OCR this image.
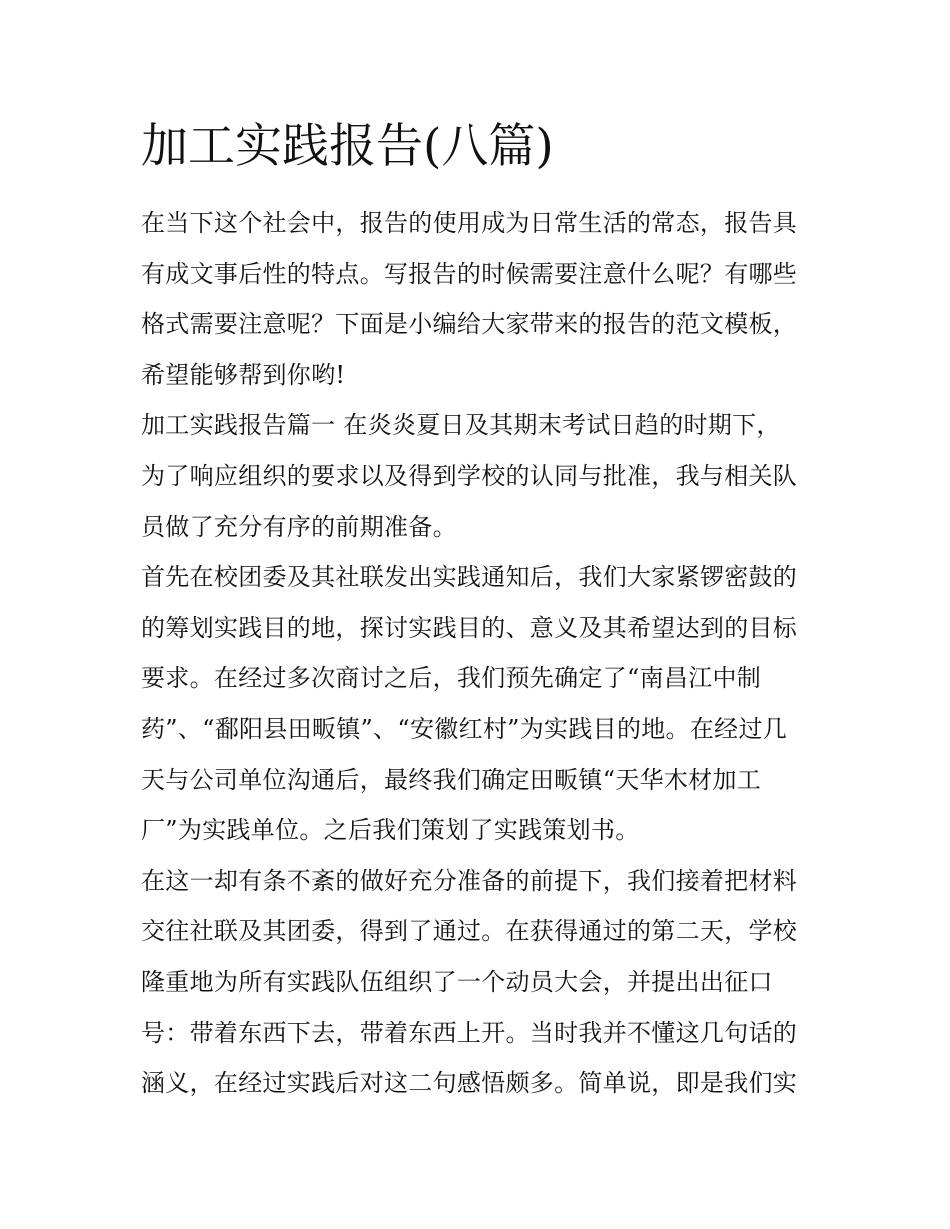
加工实践报告(八篇)
在当下这个社会中，报告的使用成为日常生活的常态，报告具
有成文事后性的特点。写报告的时候需要注意什么呢？有哪些
格式需要注意呢？下面是小编给大家带来的报告的范文模板，
希望能够帮到你哟!
加工实践报告篇一 在炎炎夏日及其期末考试日趋的时期下，
为了响应组织的要求以及得到学校的认同与批准，我与相关队
员做了充分有序的前期准备。
首先在校团委及其社联发出实践通知后，我们大家紧锣密鼓的
的筹划实践目的地，探讨实践目的、意义及其希望达到的目标
要求。在经过多次商讨之后，我们预先确定了“南昌江中制
药”、“鄱阳县田畈镇”、“安徽红村”为实践目的地。在经过几
天与公司单位沟通后，最终我们确定田畈镇“天华木材加工
厂”为实践单位。之后我们策划了实践策划书。
在这一却有条不紊的做好充分准备的前提下，我们接着把材料
交往社联及其团委，得到了通过。在获得通过的第二天，学校
隆重地为所有实践队伍组织了一个动员大会，并提出出征口
号：带着东西下去，带着东西上开。当时我并不懂这几句话的
涵义，在经过实践后对这二句感悟颇多。简单说，即是我们实
